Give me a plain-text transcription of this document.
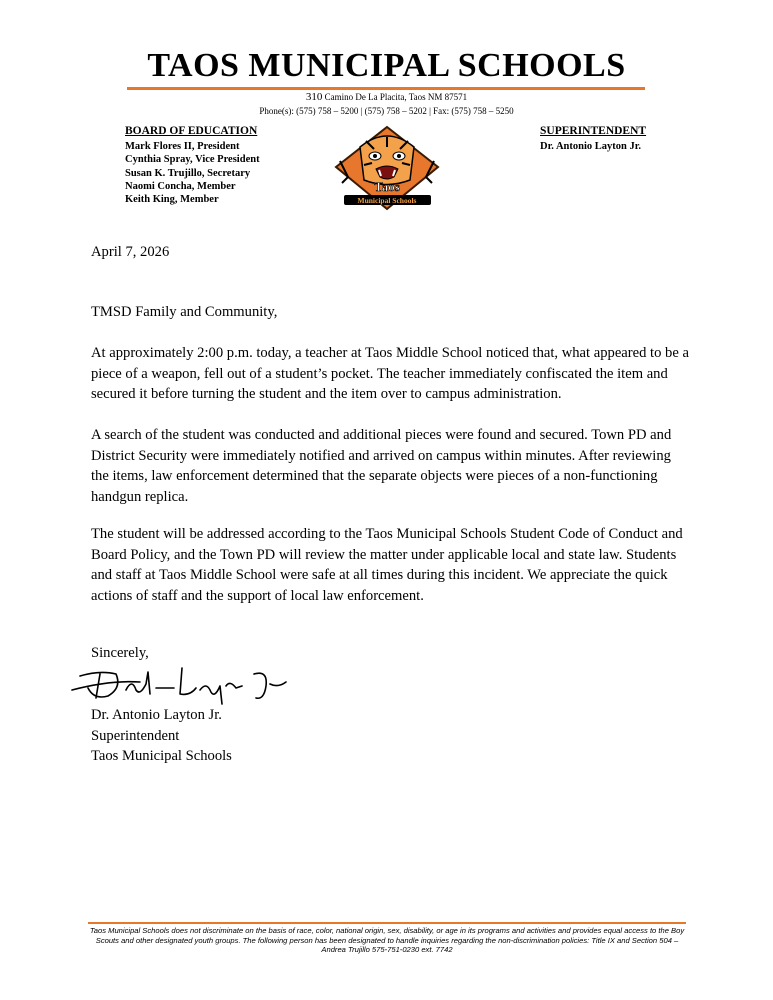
TAOS MUNICIPAL SCHOOLS
310 Camino De La Placita, Taos NM 87571
Phone(s): (575) 758 – 5200 | (575) 758 – 5202 | Fax: (575) 758 – 5250
BOARD OF EDUCATION
Mark Flores II, President
Cynthia Spray, Vice President
Susan K. Trujillo, Secretary
Naomi Concha, Member
Keith King, Member
SUPERINTENDENT
Dr. Antonio Layton Jr.
Taos
Municipal Schools
April 7, 2026
TMSD Family and Community,

At approximately 2:00 p.m. today, a teacher at Taos Middle School noticed that, what appeared to be a piece of a weapon, fell out of a student’s pocket. The teacher immediately confiscated the item and secured it before turning the student and the item over to campus administration.

A search of the student was conducted and additional pieces were found and secured. Town PD and District Security were immediately notified and arrived on campus within minutes. After reviewing the items, law enforcement determined that the separate objects were pieces of a non-functioning handgun replica.

The student will be addressed according to the Taos Municipal Schools Student Code of Conduct and Board Policy, and the Town PD will review the matter under applicable local and state law. Students and staff at Taos Middle School were safe at all times during this incident. We appreciate the quick actions of staff and the support of local law enforcement.

Sincerely,
Dr. Antonio Layton Jr.
Superintendent
Taos Municipal Schools
Taos Municipal Schools does not discriminate on the basis of race, color, national origin, sex, disability, or age in its programs and activities and provides equal access to the Boy Scouts and other designated youth groups. The following person has been designated to handle inquiries regarding the non-discrimination policies: Title IX and Section 504 – Andrea Trujillo 575-751-0230 ext. 7742
